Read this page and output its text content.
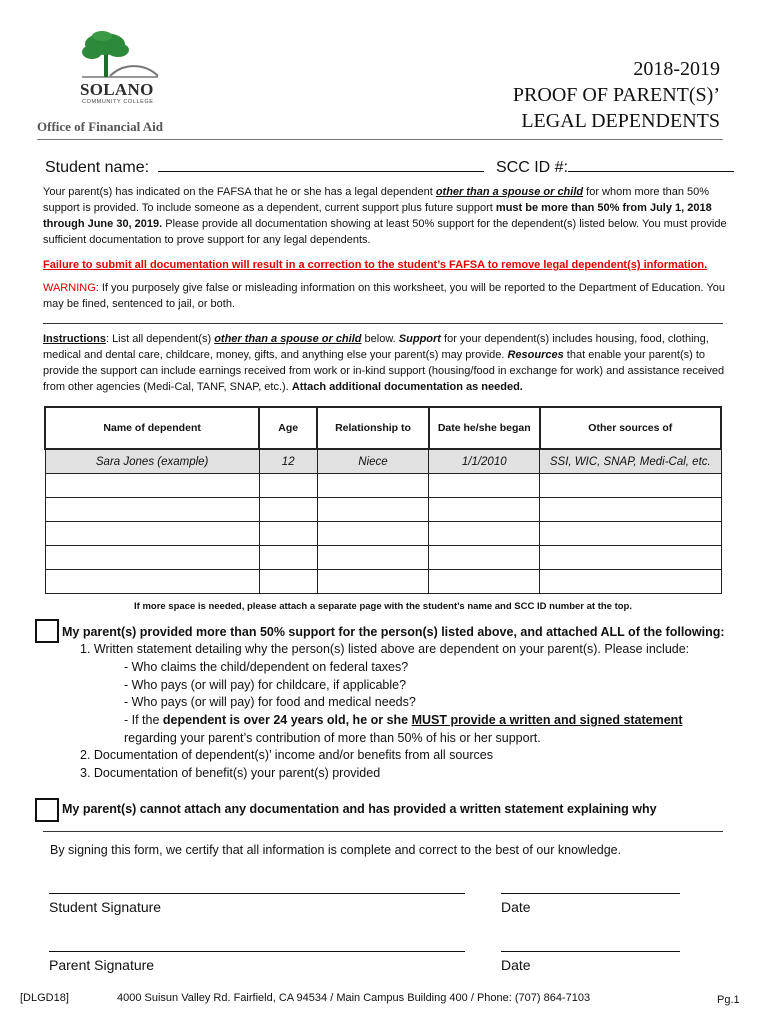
SOLANO
COMMUNITY COLLEGE
Office of Financial Aid
2018-2019
PROOF OF PARENT(S)’
LEGAL DEPENDENTS
Student name:	SCC ID #:
Your parent(s) has indicated on the FAFSA that he or she has a legal dependent other than a spouse or child for whom more than 50% support is provided. To include someone as a dependent, current support plus future support must be more than 50% from July 1, 2018 through June 30, 2019. Please provide all documentation showing at least 50% support for the dependent(s) listed below. You must provide sufficient documentation to prove support for any legal dependents.
Failure to submit all documentation will result in a correction to the student’s FAFSA to remove legal dependent(s) information.
WARNING: If you purposely give false or misleading information on this worksheet, you will be reported to the Department of Education. You may be fined, sentenced to jail, or both.
Instructions: List all dependent(s) other than a spouse or child below. Support for your dependent(s) includes housing, food, clothing, medical and dental care, childcare, money, gifts, and anything else your parent(s) may provide. Resources that enable your parent(s) to provide the support can include earnings received from work or in-kind support (housing/food in exchange for work) and assistance received from other agencies (Medi-Cal, TANF, SNAP, etc.). Attach additional documentation as needed.
Name of dependent	Age	Relationship to	Date he/she began	Other sources of
Sara Jones (example)	12	Niece	1/1/2010	SSI, WIC, SNAP, Medi-Cal, etc.

If more space is needed, please attach a separate page with the student’s name and SCC ID number at the top.
My parent(s) provided more than 50% support for the person(s) listed above, and attached ALL of the following:
1. Written statement detailing why the person(s) listed above are dependent on your parent(s). Please include:
- Who claims the child/dependent on federal taxes?
- Who pays (or will pay) for childcare, if applicable?
- Who pays (or will pay) for food and medical needs?
- If the dependent is over 24 years old, he or she MUST provide a written and signed statement
regarding your parent’s contribution of more than 50% of his or her support.
2. Documentation of dependent(s)’ income and/or benefits from all sources
3. Documentation of benefit(s) your parent(s) provided
My parent(s) cannot attach any documentation and has provided a written statement explaining why
By signing this form, we certify that all information is complete and correct to the best of our knowledge.
Student Signature	Date
Parent Signature	Date
[DLGD18]	4000 Suisun Valley Rd. Fairfield, CA 94534 / Main Campus Building 400 / Phone: (707) 864-7103	Pg.1
